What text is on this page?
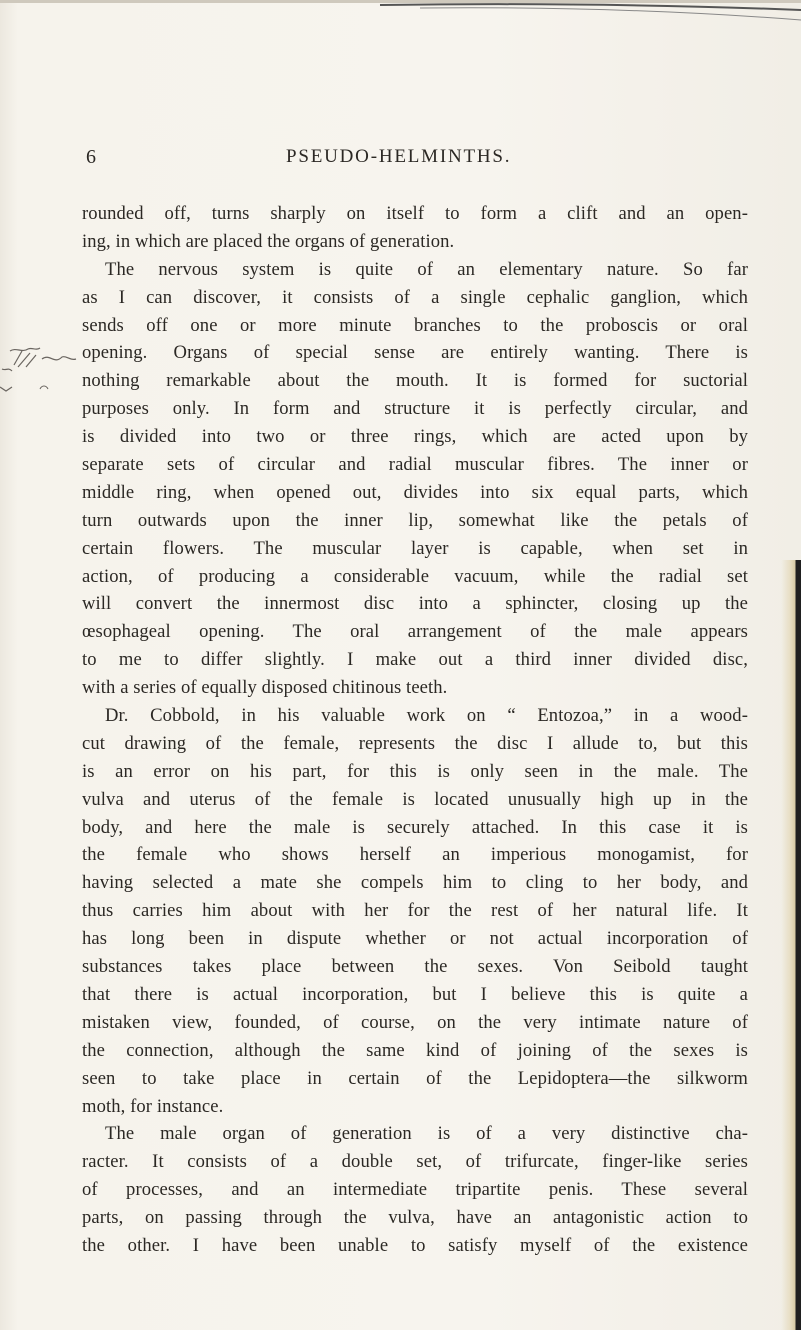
6	PSEUDO-HELMINTHS.
rounded off, turns sharply on itself to form a clift and an open-
ing, in which are placed the organs of generation.
The nervous system is quite of an elementary nature. So far
as I can discover, it consists of a single cephalic ganglion, which
sends off one or more minute branches to the proboscis or oral
opening. Organs of special sense are entirely wanting. There is
nothing remarkable about the mouth. It is formed for suctorial
purposes only. In form and structure it is perfectly circular, and
is divided into two or three rings, which are acted upon by
separate sets of circular and radial muscular fibres. The inner or
middle ring, when opened out, divides into six equal parts, which
turn outwards upon the inner lip, somewhat like the petals of
certain flowers. The muscular layer is capable, when set in
action, of producing a considerable vacuum, while the radial set
will convert the innermost disc into a sphincter, closing up the
œsophageal opening. The oral arrangement of the male appears
to me to differ slightly. I make out a third inner divided disc,
with a series of equally disposed chitinous teeth.
Dr. Cobbold, in his valuable work on “ Entozoa,” in a wood-
cut drawing of the female, represents the disc I allude to, but this
is an error on his part, for this is only seen in the male. The
vulva and uterus of the female is located unusually high up in the
body, and here the male is securely attached. In this case it is
the female who shows herself an imperious monogamist, for
having selected a mate she compels him to cling to her body, and
thus carries him about with her for the rest of her natural life. It
has long been in dispute whether or not actual incorporation of
substances takes place between the sexes. Von Seibold taught
that there is actual incorporation, but I believe this is quite a
mistaken view, founded, of course, on the very intimate nature of
the connection, although the same kind of joining of the sexes is
seen to take place in certain of the Lepidoptera—the silkworm
moth, for instance.
The male organ of generation is of a very distinctive cha-
racter. It consists of a double set, of trifurcate, finger-like series
of processes, and an intermediate tripartite penis. These several
parts, on passing through the vulva, have an antagonistic action to
the other. I have been unable to satisfy myself of the existence
